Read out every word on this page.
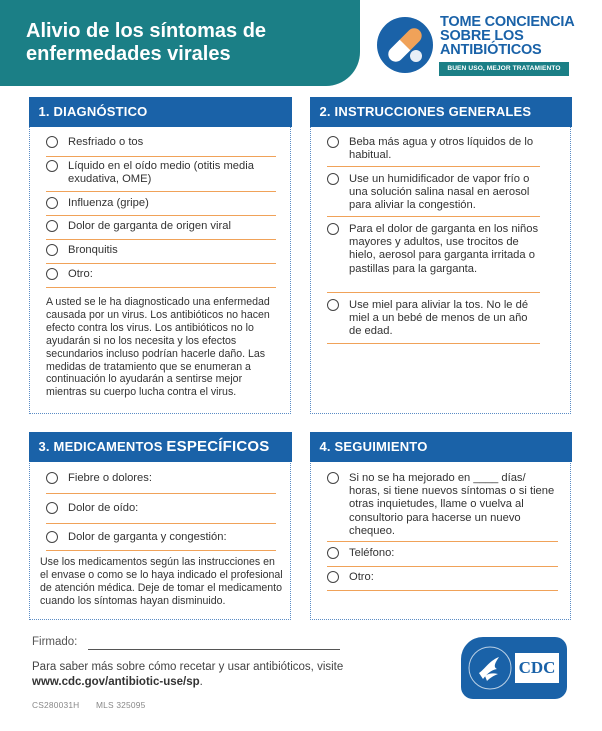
Alivio de los síntomas de
enfermedades virales
TOME CONCIENCIA
SOBRE LOS
ANTIBIÓTICOS
BUEN USO, MEJOR TRATAMIENTO
1. DIAGNÓSTICO
Resfriado o tos
Líquido en el oído medio (otitis media exudativa, OME)
Influenza (gripe)
Dolor de garganta de origen viral
Bronquitis
Otro:
A usted se le ha diagnosticado una enfermedad causada por un virus. Los antibióticos no hacen efecto contra los virus. Los antibióticos no lo ayudarán si no los necesita y los efectos secundarios incluso podrían hacerle daño. Las medidas de tratamiento que se enumeran a continuación lo ayudarán a sentirse mejor mientras su cuerpo lucha contra el virus.
2. INSTRUCCIONES GENERALES
Beba más agua y otros líquidos de lo habitual.
Use un humidificador de vapor frío o una solución salina nasal en aerosol para aliviar la congestión.
Para el dolor de garganta en los niños mayores y adultos, use trocitos de hielo, aerosol para garganta irritada o pastillas para la garganta.
Use miel para aliviar la tos. No le dé miel a un bebé de menos de un año de edad.
3. MEDICAMENTOS ESPECÍFICOS
Fiebre o dolores:
Dolor de oído:
Dolor de garganta y congestión:
Use los medicamentos según las instrucciones en el envase o como se lo haya indicado el profesional de atención médica. Deje de tomar el medicamento cuando los síntomas hayan disminuido.
4. SEGUIMIENTO
Si no se ha mejorado en ____ días/ horas, si tiene nuevos síntomas o si tiene otras inquietudes, llame o vuelva al consultorio para hacerse un nuevo chequeo.
Teléfono:
Otro:
Firmado:
Para saber más sobre cómo recetar y usar antibióticos, visite www.cdc.gov/antibiotic-use/sp.
CS280031H MLS 325095
CDC
